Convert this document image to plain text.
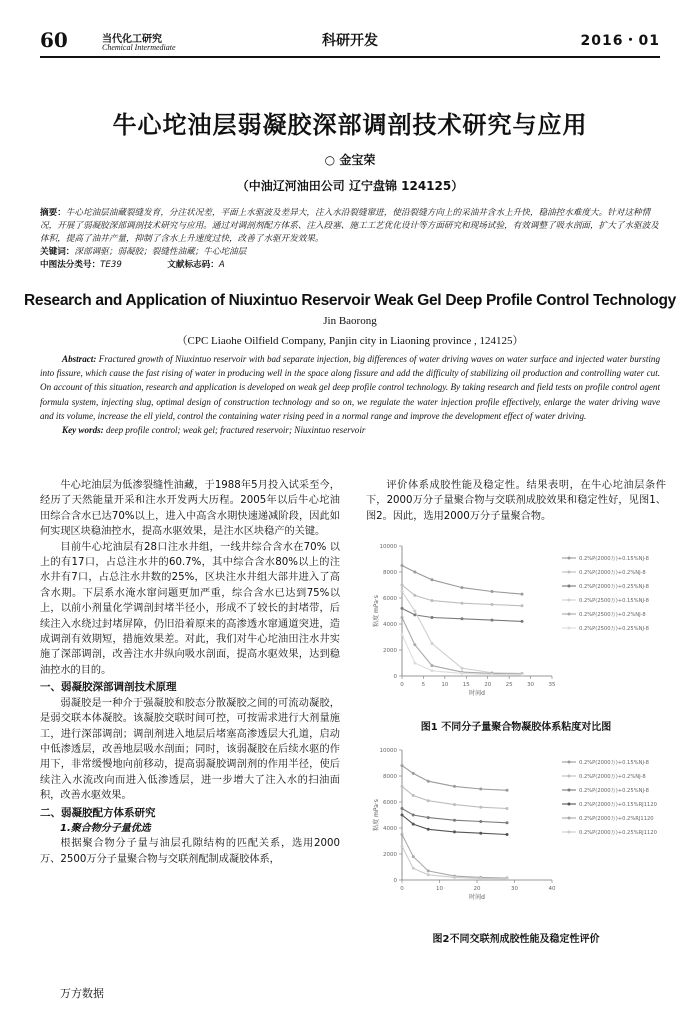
60	当代化工研究
Chemical Intermediate	科研开发	2016・01
牛心坨油层弱凝胶深部调剖技术研究与应用
○ 金宝荣
（中油辽河油田公司 辽宁盘锦 124125）
摘要：牛心坨油层油藏裂缝发育，分注状况差，平面上水驱波及差异大，注入水沿裂缝窜进，使沿裂缝方向上的采油井含水上升快，稳油控水难度大。针对这种情况，开展了弱凝胶深部调剖技术研究与应用。通过对调剖剂配方体系、注入段塞、施工工艺优化设计等方面研究和现场试验，有效调整了吸水剖面，扩大了水驱波及体积，提高了油井产量，抑制了含水上升速度过快，改善了水驱开发效果。
关键词：深部调驱；弱凝胶；裂缝性油藏；牛心坨油层
中图法分类号：TE39	文献标志码：A
Research and Application of Niuxintuo Reservoir Weak Gel Deep Profile Control Technology
Jin Baorong
（CPC Liaohe Oilfield Company, Panjin city in Liaoning province , 124125）
Abstract: Fractured growth of Niuxintuo reservoir with bad separate injection, big differences of water driving waves on water surface and injected water bursting into fissure, which cause the fast rising of water in producing well in the space along fissure and add the difficulty of stabilizing oil production and controlling water cut. On account of this situation, research and application is developed on weak gel deep profile control technology. By taking research and field tests on profile control agent formula system, injecting slug, optimal design of construction technology and so on, we regulate the water injection profile effectively, enlarge the water driving wave and its volume, increase the ell yield, control the containing water rising peed in a normal range and improve the development effect of water driving.
Key words: deep profile control; weak gel; fractured reservoir; Niuxintuo reservoir

牛心坨油层为低渗裂缝性油藏，于1988年5月投入试采至今，经历了天然能量开采和注水开发两大历程。2005年以后牛心坨油田综合含水已达70%以上，进入中高含水期快速递减阶段，因此如何实现区块稳油控水，提高水驱效果，是注水区块稳产的关键。

目前牛心坨油层有28口注水井组，一线井综合含水在70% 以上的有17口，占总注水井的60.7%，其中综合含水80%以上的注水井有7口，占总注水井数的25%，区块注水井组大部井进入了高含水期。下层系水淹水窜问题更加严重，综合含水已达到75%以上，以前小剂量化学调剖封堵半径小，形成不了较长的封堵带，后续注入水绕过封堵屏障，仍旧沿着原来的高渗透水窜通道突进，造成调剖有效期短，措施效果差。对此，我们对牛心坨油田注水井实施了深部调剖，改善注水井纵向吸水剖面，提高水驱效果，达到稳油控水的目的。

一、弱凝胶深部调剖技术原理

弱凝胶是一种介于强凝胶和胶态分散凝胶之间的可流动凝胶，是弱交联本体凝胶。该凝胶交联时间可控，可按需求进行大剂量施工，进行深部调剖；调剖剂进入地层后堵塞高渗透层大孔道，启动中低渗透层，改善地层吸水剖面；同时，该弱凝胶在后续水驱的作用下，非常缓慢地向前移动，提高弱凝胶调剖剂的作用半径，使后续注入水流改向而进入低渗透层，进一步增大了注入水的扫油面积，改善水驱效果。

二、弱凝胶配方体系研究
1.聚合物分子量优选

根据聚合物分子量与油层孔隙结构的匹配关系，选用2000万、2500万分子量聚合物与交联剂配制成凝胶体系，

评价体系成胶性能及稳定性。结果表明，在牛心坨油层条件下，2000万分子量聚合物与交联剂成胶效果和稳定性好，见图1、图2。因此，选用2000万分子量聚合物。

0
2000
4000
6000
8000
10000
0	5	10	15	20	25	30	35
时间d
粘度 mPa·s
0.2%P(2000万)+0.15%NJ-8
0.2%P(2000万)+0.2%NJ-8
0.2%P(2000万)+0.25%NJ-8
0.2%P(2500万)+0.15%NJ-8
0.2%P(2500万)+0.2%NJ-8
0.2%P(2500万)+0.25%NJ-8
图1 不同分子量聚合物凝胶体系粘度对比图
0
2000
4000
6000
8000
10000
0	10	20	30	40
时间d
粘度 mPa·s
0.2%P(2000万)+0.15%NJ-8
0.2%P(2000万)+0.2%NJ-8
0.2%P(2000万)+0.25%NJ-8
0.2%P(2000万)+0.15%RJ1120
0.2%P(2000万)+0.2%RJ1120
0.2%P(2000万)+0.25%RJ1120
图2不同交联剂成胶性能及稳定性评价
万方数据
